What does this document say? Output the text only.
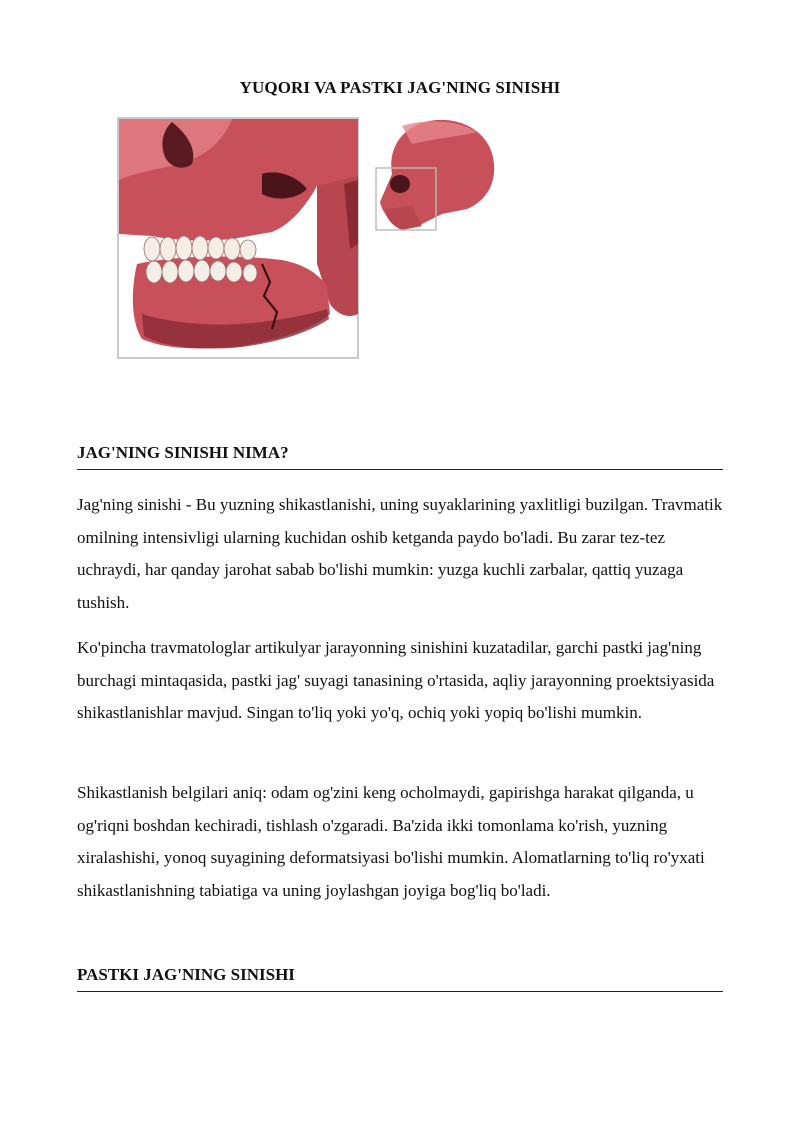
YUQORI VA PASTKI JAG'NING SINISHI
JAG'NING SINISHI NIMA?

Jag'ning sinishi - Bu yuzning shikastlanishi, uning suyaklarining yaxlitligi buzilgan. Travmatik omilning intensivligi ularning kuchidan oshib ketganda paydo bo'ladi. Bu zarar tez-tez uchraydi, har qanday jarohat sabab bo'lishi mumkin: yuzga kuchli zarbalar, qattiq yuzaga tushish.

Ko'pincha travmatologlar artikulyar jarayonning sinishini kuzatadilar, garchi pastki jag'ning burchagi mintaqasida, pastki jag' suyagi tanasining o'rtasida, aqliy jarayonning proektsiyasida shikastlanishlar mavjud. Singan to'liq yoki yo'q, ochiq yoki yopiq bo'lishi mumkin.

Shikastlanish belgilari aniq: odam og'zini keng ocholmaydi, gapirishga harakat qilganda, u og'riqni boshdan kechiradi, tishlash o'zgaradi. Ba'zida ikki tomonlama ko'rish, yuzning xiralashishi, yonoq suyagining deformatsiyasi bo'lishi mumkin. Alomatlarning to'liq ro'yxati shikastlanishning tabiatiga va uning joylashgan joyiga bog'liq bo'ladi.

PASTKI JAG'NING SINISHI
